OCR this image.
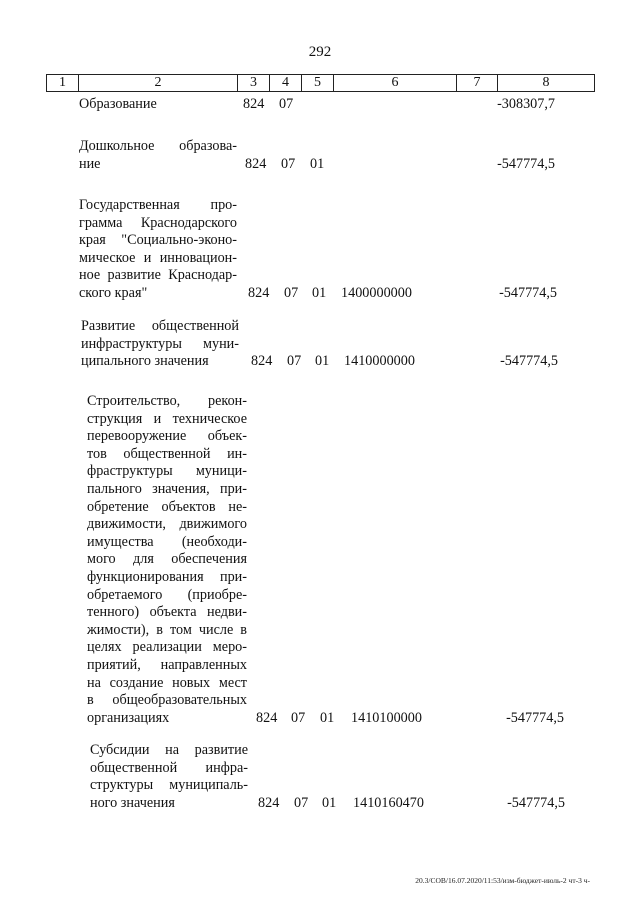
292
1	2	3	4	5	6	7	8
Образование	824 07	-308307,7
Дошкольное образова-
ние	824 07 01	-547774,5
Государственная про-
грамма Краснодарского
края "Социально-эконо-
мическое и инновацион-
ное развитие Краснодар-
ского края"	824 07 01 1400000000	-547774,5
Развитие общественной
инфраструктуры муни-
ципального значения	824 07 01 1410000000	-547774,5
Строительство, рекон-
струкция и техническое
перевооружение объек-
тов общественной ин-
фраструктуры муници-
пального значения, при-
обретение объектов не-
движимости, движимого
имущества (необходи-
мого для обеспечения
функционирования при-
обретаемого (приобре-
тенного) объекта недви-
жимости), в том числе в
целях реализации меро-
приятий, направленных
на создание новых мест
в общеобразовательных
организациях	824 07 01 1410100000	-547774,5
Субсидии на развитие
общественной инфра-
структуры муниципаль-
ного значения	824 07 01 1410160470	-547774,5
20.3/СОВ/16.07.2020/11:53/изм-бюджет-июль-2 чт-3 ч-
